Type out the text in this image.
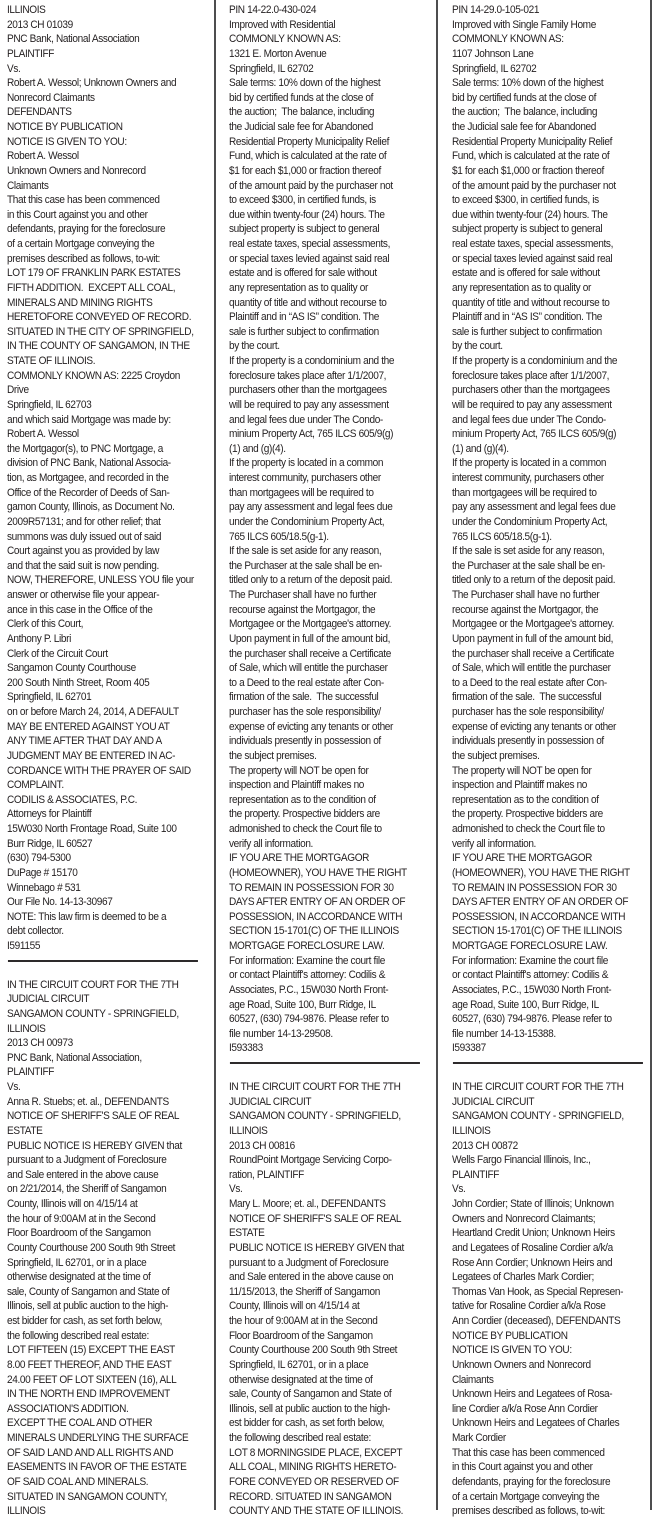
ILLINOIS
2013 CH 01039
PNC Bank, National Association
PLAINTIFF
Vs.
Robert A. Wessol; Unknown Owners and
Nonrecord Claimants
DEFENDANTS
NOTICE BY PUBLICATION
NOTICE IS GIVEN TO YOU:
Robert A. Wessol
Unknown Owners and Nonrecord
Claimants
That this case has been commenced
in this Court against you and other
defendants, praying for the foreclosure
of a certain Mortgage conveying the
premises described as follows, to-wit:
LOT 179 OF FRANKLIN PARK ESTATES
FIFTH ADDITION.  EXCEPT ALL COAL,
MINERALS AND MINING RIGHTS
HERETOFORE CONVEYED OF RECORD.
SITUATED IN THE CITY OF SPRINGFIELD,
IN THE COUNTY OF SANGAMON, IN THE
STATE OF ILLINOIS.
COMMONLY KNOWN AS: 2225 Croydon
Drive
Springfield, IL 62703
and which said Mortgage was made by:
Robert A. Wessol
the Mortgagor(s), to PNC Mortgage, a
division of PNC Bank, National Associa-
tion, as Mortgagee, and recorded in the
Office of the Recorder of Deeds of San-
gamon County, Illinois, as Document No.
2009R57131; and for other relief; that
summons was duly issued out of said
Court against you as provided by law
and that the said suit is now pending.
NOW, THEREFORE, UNLESS YOU file your
answer or otherwise file your appear-
ance in this case in the Office of the
Clerk of this Court,
Anthony P. Libri
Clerk of the Circuit Court
Sangamon County Courthouse
200 South Ninth Street, Room 405
Springfield, IL 62701
on or before March 24, 2014, A DEFAULT
MAY BE ENTERED AGAINST YOU AT
ANY TIME AFTER THAT DAY AND A
JUDGMENT MAY BE ENTERED IN AC-
CORDANCE WITH THE PRAYER OF SAID
COMPLAINT.
CODILIS & ASSOCIATES, P.C.
Attorneys for Plaintiff
15W030 North Frontage Road, Suite 100
Burr Ridge, IL 60527
(630) 794-5300
DuPage # 15170
Winnebago # 531
Our File No. 14-13-30967
NOTE: This law firm is deemed to be a
debt collector.
I591155
IN THE CIRCUIT COURT FOR THE 7TH
JUDICIAL CIRCUIT
SANGAMON COUNTY - SPRINGFIELD,
ILLINOIS
2013 CH 00973
PNC Bank, National Association,
PLAINTIFF
Vs.
Anna R. Stuebs; et. al., DEFENDANTS
NOTICE OF SHERIFF'S SALE OF REAL
ESTATE
PUBLIC NOTICE IS HEREBY GIVEN that
pursuant to a Judgment of Foreclosure
and Sale entered in the above cause
on 2/21/2014, the Sheriff of Sangamon
County, Illinois will on 4/15/14 at
the hour of 9:00AM at in the Second
Floor Boardroom of the Sangamon
County Courthouse 200 South 9th Street
Springfield, IL 62701, or in a place
otherwise designated at the time of
sale, County of Sangamon and State of
Illinois, sell at public auction to the high-
est bidder for cash, as set forth below,
the following described real estate:
LOT FIFTEEN (15) EXCEPT THE EAST
8.00 FEET THEREOF, AND THE EAST
24.00 FEET OF LOT SIXTEEN (16), ALL
IN THE NORTH END IMPROVEMENT
ASSOCIATION'S ADDITION.
EXCEPT THE COAL AND OTHER
MINERALS UNDERLYING THE SURFACE
OF SAID LAND AND ALL RIGHTS AND
EASEMENTS IN FAVOR OF THE ESTATE
OF SAID COAL AND MINERALS.
SITUATED IN SANGAMON COUNTY,
ILLINOIS
PIN 14-22.0-430-024
Improved with Residential
COMMONLY KNOWN AS:
1321 E. Morton Avenue
Springfield, IL 62702
Sale terms: 10% down of the highest
bid by certified funds at the close of
the auction;  The balance, including
the Judicial sale fee for Abandoned
Residential Property Municipality Relief
Fund, which is calculated at the rate of
$1 for each $1,000 or fraction thereof
of the amount paid by the purchaser not
to exceed $300, in certified funds, is
due within twenty-four (24) hours. The
subject property is subject to general
real estate taxes, special assessments,
or special taxes levied against said real
estate and is offered for sale without
any representation as to quality or
quantity of title and without recourse to
Plaintiff and in “AS IS” condition. The
sale is further subject to confirmation
by the court.
If the property is a condominium and the
foreclosure takes place after 1/1/2007,
purchasers other than the mortgagees
will be required to pay any assessment
and legal fees due under The Condo-
minium Property Act, 765 ILCS 605/9(g)
(1) and (g)(4).
If the property is located in a common
interest community, purchasers other
than mortgagees will be required to
pay any assessment and legal fees due
under the Condominium Property Act,
765 ILCS 605/18.5(g-1).
If the sale is set aside for any reason,
the Purchaser at the sale shall be en-
titled only to a return of the deposit paid.
The Purchaser shall have no further
recourse against the Mortgagor, the
Mortgagee or the Mortgagee's attorney.
Upon payment in full of the amount bid,
the purchaser shall receive a Certificate
of Sale, which will entitle the purchaser
to a Deed to the real estate after Con-
firmation of the sale.  The successful
purchaser has the sole responsibility/
expense of evicting any tenants or other
individuals presently in possession of
the subject premises.
The property will NOT be open for
inspection and Plaintiff makes no
representation as to the condition of
the property. Prospective bidders are
admonished to check the Court file to
verify all information.
IF YOU ARE THE MORTGAGOR
(HOMEOWNER), YOU HAVE THE RIGHT
TO REMAIN IN POSSESSION FOR 30
DAYS AFTER ENTRY OF AN ORDER OF
POSSESSION, IN ACCORDANCE WITH
SECTION 15-1701(C) OF THE ILLINOIS
MORTGAGE FORECLOSURE LAW.
For information: Examine the court file
or contact Plaintiff's attorney: Codilis &
Associates, P.C., 15W030 North Front-
age Road, Suite 100, Burr Ridge, IL
60527, (630) 794-9876. Please refer to
file number 14-13-29508.
I593383
IN THE CIRCUIT COURT FOR THE 7TH
JUDICIAL CIRCUIT
SANGAMON COUNTY - SPRINGFIELD,
ILLINOIS
2013 CH 00816
RoundPoint Mortgage Servicing Corpo-
ration, PLAINTIFF
Vs.
Mary L. Moore; et. al., DEFENDANTS
NOTICE OF SHERIFF'S SALE OF REAL
ESTATE
PUBLIC NOTICE IS HEREBY GIVEN that
pursuant to a Judgment of Foreclosure
and Sale entered in the above cause on
11/15/2013, the Sheriff of Sangamon
County, Illinois will on 4/15/14 at
the hour of 9:00AM at in the Second
Floor Boardroom of the Sangamon
County Courthouse 200 South 9th Street
Springfield, IL 62701, or in a place
otherwise designated at the time of
sale, County of Sangamon and State of
Illinois, sell at public auction to the high-
est bidder for cash, as set forth below,
the following described real estate:
LOT 8 MORNINGSIDE PLACE, EXCEPT
ALL COAL, MINING RIGHTS HERETO-
FORE CONVEYED OR RESERVED OF
RECORD. SITUATED IN SANGAMON
COUNTY AND THE STATE OF ILLINOIS.
PIN 14-29.0-105-021
Improved with Single Family Home
COMMONLY KNOWN AS:
1107 Johnson Lane
Springfield, IL 62702
Sale terms: 10% down of the highest
bid by certified funds at the close of
the auction;  The balance, including
the Judicial sale fee for Abandoned
Residential Property Municipality Relief
Fund, which is calculated at the rate of
$1 for each $1,000 or fraction thereof
of the amount paid by the purchaser not
to exceed $300, in certified funds, is
due within twenty-four (24) hours. The
subject property is subject to general
real estate taxes, special assessments,
or special taxes levied against said real
estate and is offered for sale without
any representation as to quality or
quantity of title and without recourse to
Plaintiff and in “AS IS” condition. The
sale is further subject to confirmation
by the court.
If the property is a condominium and the
foreclosure takes place after 1/1/2007,
purchasers other than the mortgagees
will be required to pay any assessment
and legal fees due under The Condo-
minium Property Act, 765 ILCS 605/9(g)
(1) and (g)(4).
If the property is located in a common
interest community, purchasers other
than mortgagees will be required to
pay any assessment and legal fees due
under the Condominium Property Act,
765 ILCS 605/18.5(g-1).
If the sale is set aside for any reason,
the Purchaser at the sale shall be en-
titled only to a return of the deposit paid.
The Purchaser shall have no further
recourse against the Mortgagor, the
Mortgagee or the Mortgagee's attorney.
Upon payment in full of the amount bid,
the purchaser shall receive a Certificate
of Sale, which will entitle the purchaser
to a Deed to the real estate after Con-
firmation of the sale.  The successful
purchaser has the sole responsibility/
expense of evicting any tenants or other
individuals presently in possession of
the subject premises.
The property will NOT be open for
inspection and Plaintiff makes no
representation as to the condition of
the property. Prospective bidders are
admonished to check the Court file to
verify all information.
IF YOU ARE THE MORTGAGOR
(HOMEOWNER), YOU HAVE THE RIGHT
TO REMAIN IN POSSESSION FOR 30
DAYS AFTER ENTRY OF AN ORDER OF
POSSESSION, IN ACCORDANCE WITH
SECTION 15-1701(C) OF THE ILLINOIS
MORTGAGE FORECLOSURE LAW.
For information: Examine the court file
or contact Plaintiff's attorney: Codilis &
Associates, P.C., 15W030 North Front-
age Road, Suite 100, Burr Ridge, IL
60527, (630) 794-9876. Please refer to
file number 14-13-15388.
I593387
IN THE CIRCUIT COURT FOR THE 7TH
JUDICIAL CIRCUIT
SANGAMON COUNTY - SPRINGFIELD,
ILLINOIS
2013 CH 00872
Wells Fargo Financial Illinois, Inc.,
PLAINTIFF
Vs.
John Cordier; State of Illinois; Unknown
Owners and Nonrecord Claimants;
Heartland Credit Union; Unknown Heirs
and Legatees of Rosaline Cordier a/k/a
Rose Ann Cordier; Unknown Heirs and
Legatees of Charles Mark Cordier;
Thomas Van Hook, as Special Represen-
tative for Rosaline Cordier a/k/a Rose
Ann Cordier (deceased), DEFENDANTS
NOTICE BY PUBLICATION
NOTICE IS GIVEN TO YOU:
Unknown Owners and Nonrecord
Claimants
Unknown Heirs and Legatees of Rosa-
line Cordier a/k/a Rose Ann Cordier
Unknown Heirs and Legatees of Charles
Mark Cordier
That this case has been commenced
in this Court against you and other
defendants, praying for the foreclosure
of a certain Mortgage conveying the
premises described as follows, to-wit:
